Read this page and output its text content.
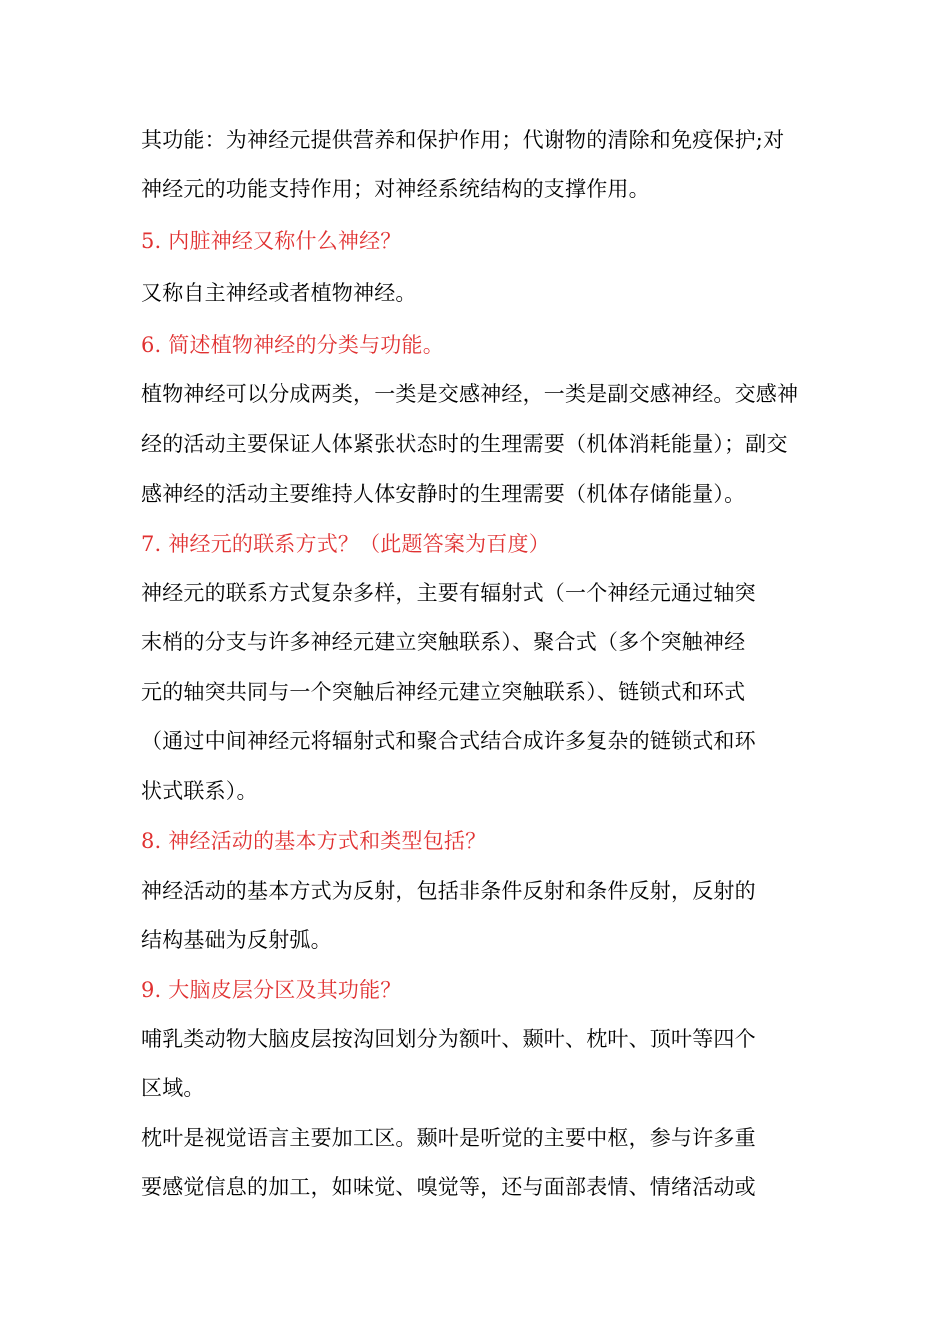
其功能：为神经元提供营养和保护作用；代谢物的清除和免疫保护;对
神经元的功能支持作用；对神经系统结构的支撑作用。
5. 内脏神经又称什么神经？
又称自主神经或者植物神经。
6. 简述植物神经的分类与功能。
植物神经可以分成两类，一类是交感神经，一类是副交感神经。交感神
经的活动主要保证人体紧张状态时的生理需要（机体消耗能量）；副交
感神经的活动主要维持人体安静时的生理需要（机体存储能量）。
7. 神经元的联系方式？（此题答案为百度）
神经元的联系方式复杂多样，主要有辐射式（一个神经元通过轴突
末梢的分支与许多神经元建立突触联系）、聚合式（多个突触神经
元的轴突共同与一个突触后神经元建立突触联系）、链锁式和环式
（通过中间神经元将辐射式和聚合式结合成许多复杂的链锁式和环
状式联系）。
8. 神经活动的基本方式和类型包括？
神经活动的基本方式为反射，包括非条件反射和条件反射，反射的
结构基础为反射弧。
9. 大脑皮层分区及其功能？
哺乳类动物大脑皮层按沟回划分为额叶、颞叶、枕叶、顶叶等四个
区域。
枕叶是视觉语言主要加工区。颞叶是听觉的主要中枢，参与许多重
要感觉信息的加工，如味觉、嗅觉等，还与面部表情、情绪活动或
